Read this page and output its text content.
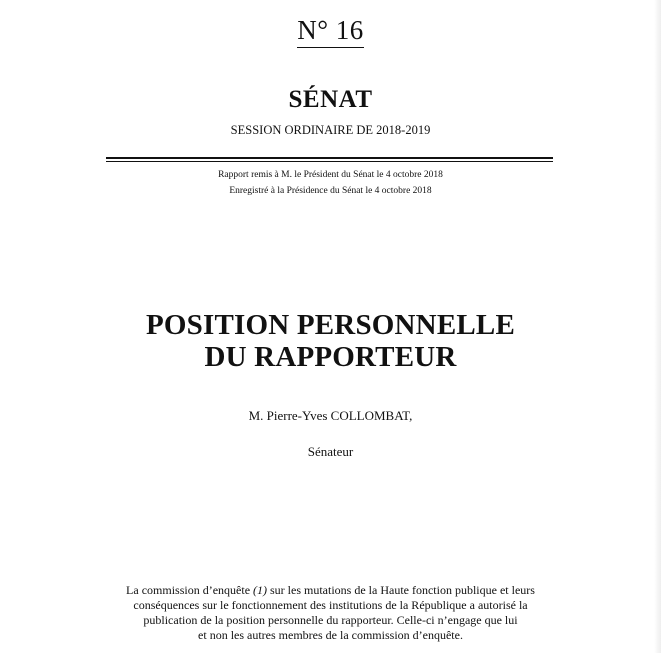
N° 16
SÉNAT
SESSION ORDINAIRE DE 2018-2019
Rapport remis à M. le Président du Sénat le 4 octobre 2018
Enregistré à la Présidence du Sénat le 4 octobre 2018
POSITION PERSONNELLE
DU RAPPORTEUR
M. Pierre-Yves COLLOMBAT,
Sénateur
La commission d’enquête (1) sur les mutations de la Haute fonction publique et leurs
conséquences sur le fonctionnement des institutions de la République a autorisé la
publication de la position personnelle du rapporteur. Celle-ci n’engage que lui
et non les autres membres de la commission d’enquête.
